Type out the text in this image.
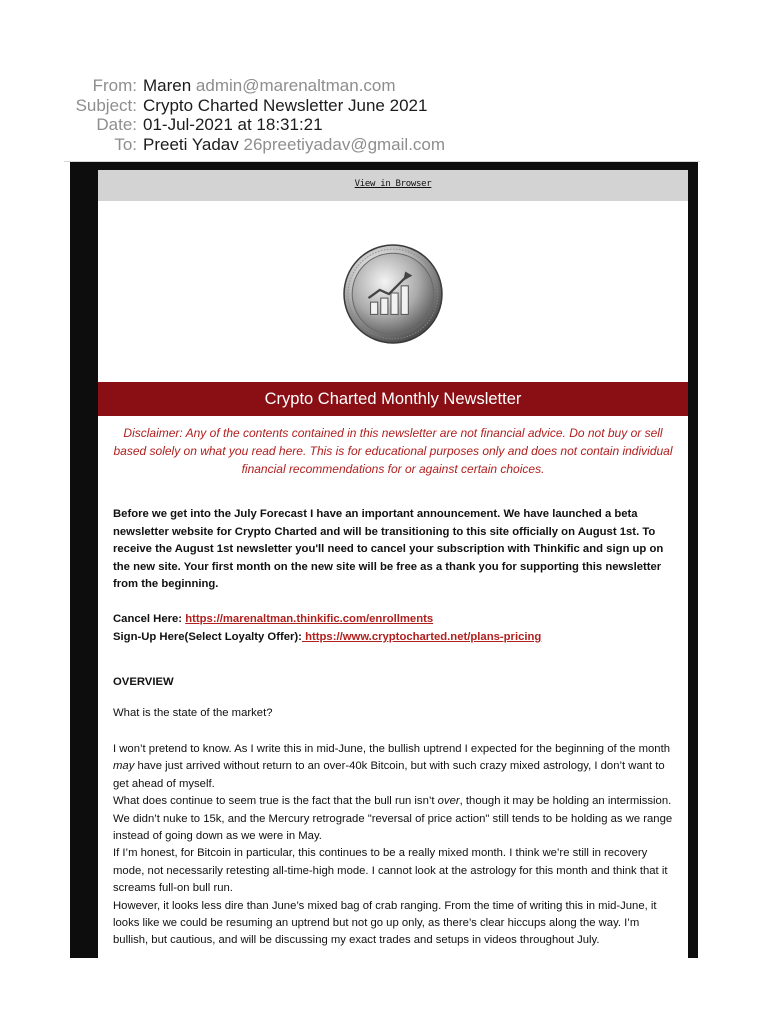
From: Maren admin@marenaltman.com
Subject: Crypto Charted Newsletter June 2021
Date: 01-Jul-2021 at 18:31:21
To: Preeti Yadav 26preetiyadav@gmail.com
View in Browser
Crypto Charted Monthly Newsletter
Disclaimer: Any of the contents contained in this newsletter are not financial advice. Do not buy or sell based solely on what you read here. This is for educational purposes only and does not contain individual financial recommendations for or against certain choices.
Before we get into the July Forecast I have an important announcement. We have launched a beta newsletter website for Crypto Charted and will be transitioning to this site officially on August 1st. To receive the August 1st newsletter you'll need to cancel your subscription with Thinkific and sign up on the new site. Your first month on the new site will be free as a thank you for supporting this newsletter from the beginning.
Cancel Here: https://marenaltman.thinkific.com/enrollments
Sign-Up Here(Select Loyalty Offer): https://www.cryptocharted.net/plans-pricing
OVERVIEW
What is the state of the market?

I won’t pretend to know. As I write this in mid-June, the bullish uptrend I expected for the beginning of the month may have just arrived without return to an over-40k Bitcoin, but with such crazy mixed astrology, I don’t want to get ahead of myself.

What does continue to seem true is the fact that the bull run isn’t over, though it may be holding an intermission. We didn’t nuke to 15k, and the Mercury retrograde "reversal of price action" still tends to be holding as we range instead of going down as we were in May.

If I’m honest, for Bitcoin in particular, this continues to be a really mixed month. I think we’re still in recovery mode, not necessarily retesting all-time-high mode. I cannot look at the astrology for this month and think that it screams full-on bull run.

However, it looks less dire than June’s mixed bag of crab ranging. From the time of writing this in mid-June, it looks like we could be resuming an uptrend but not go up only, as there’s clear hiccups along the way. I’m bullish, but cautious, and will be discussing my exact trades and setups in videos throughout July.
